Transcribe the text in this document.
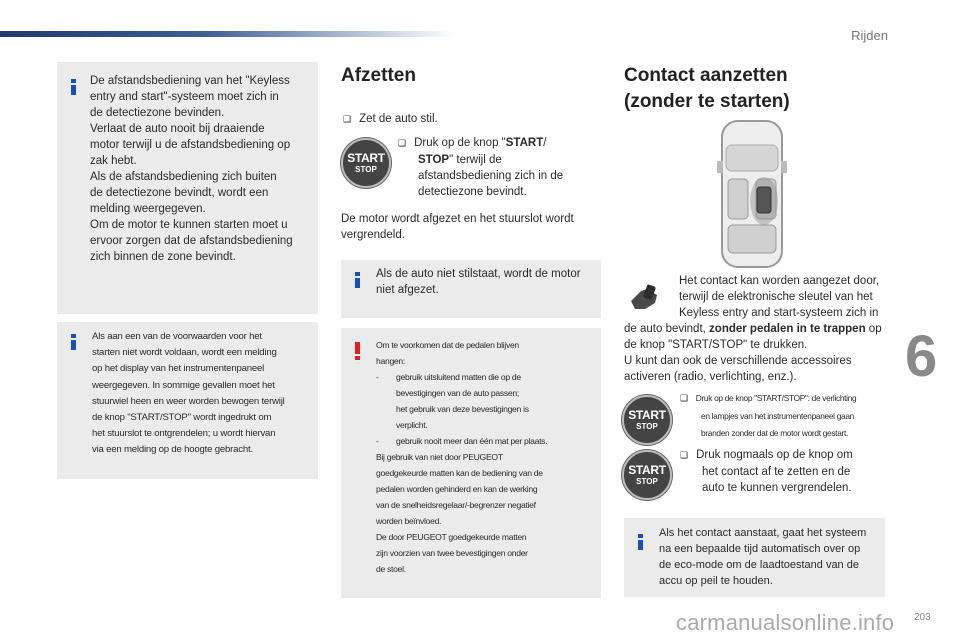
Rijden
6
De afstandsbediening van het "Keyless
entry and start"-systeem moet zich in
de detectiezone bevinden.
Verlaat de auto nooit bij draaiende
motor terwijl u de afstandsbediening op
zak hebt.
Als de afstandsbediening zich buiten
de detectiezone bevindt, wordt een
melding weergegeven.
Om de motor te kunnen starten moet u
ervoor zorgen dat de afstandsbediening
zich binnen de zone bevindt.
Als aan een van de voorwaarden voor het
starten niet wordt voldaan, wordt een melding
op het display van het instrumentenpaneel
weergegeven. In sommige gevallen moet het
stuurwiel heen en weer worden bewogen terwijl
de knop "START/STOP" wordt ingedrukt om
het stuurslot te ontgrendelen; u wordt hiervan
via een melding op de hoogte gebracht.
Afzetten
❑ Zet de auto stil.
START
STOP
❑ Druk op de knop "START/
STOP" terwijl de
afstandsbediening zich in de
detectiezone bevindt.
De motor wordt afgezet en het stuurslot wordt
vergrendeld.
Als de auto niet stilstaat, wordt de motor
niet afgezet.
Om te voorkomen dat de pedalen blijven
hangen:
- gebruik uitsluitend matten die op de
bevestigingen van de auto passen;
het gebruik van deze bevestigingen is
verplicht.
- gebruik nooit meer dan één mat per plaats.
Bij gebruik van niet door PEUGEOT
goedgekeurde matten kan de bediening van de
pedalen worden gehinderd en kan de werking
van de snelheidsregelaar/-begrenzer negatief
worden beïnvloed.
De door PEUGEOT goedgekeurde matten
zijn voorzien van twee bevestigingen onder
de stoel.
Contact aanzetten
(zonder te starten)
Het contact kan worden aangezet door,
terwijl de elektronische sleutel van het
Keyless entry and start-systeem zich in
de auto bevindt, zonder pedalen in te trappen op
de knop "START/STOP" te drukken.
U kunt dan ook de verschillende accessoires
activeren (radio, verlichting, enz.).
START
STOP
❑ Druk op de knop "START/STOP": de verlichting
en lampjes van het instrumentenpaneel gaan
branden zonder dat de motor wordt gestart.
START
STOP
❑ Druk nogmaals op de knop om
het contact af te zetten en de
auto te kunnen vergrendelen.
Als het contact aanstaat, gaat het systeem
na een bepaalde tijd automatisch over op
de eco-mode om de laadtoestand van de
accu op peil te houden.
carmanualsonline.info 203
